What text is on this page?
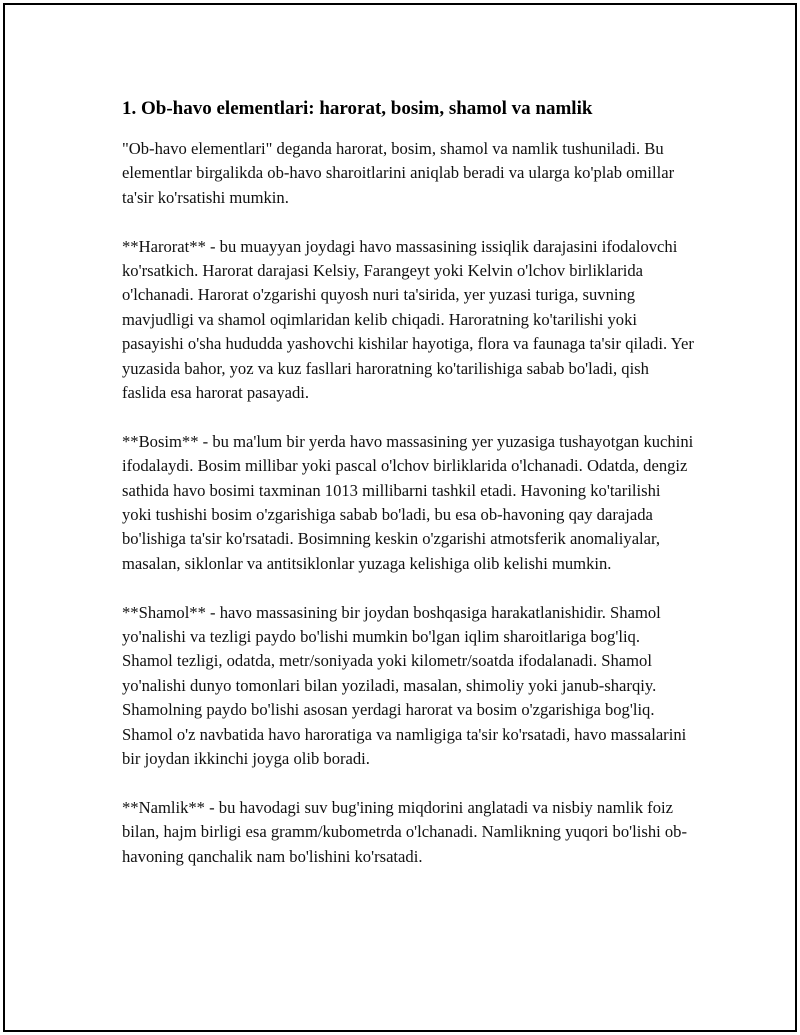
1. Ob-havo elementlari: harorat, bosim, shamol va namlik

"Ob-havo elementlari" deganda harorat, bosim, shamol va namlik tushuniladi. Bu elementlar birgalikda ob-havo sharoitlarini aniqlab beradi va ularga ko'plab omillar ta'sir ko'rsatishi mumkin.

**Harorat** - bu muayyan joydagi havo massasining issiqlik darajasini ifodalovchi ko'rsatkich. Harorat darajasi Kelsiy, Farangeyt yoki Kelvin o'lchov birliklarida o'lchanadi. Harorat o'zgarishi quyosh nuri ta'sirida, yer yuzasi turiga, suvning mavjudligi va shamol oqimlaridan kelib chiqadi. Haroratning ko'tarilishi yoki pasayishi o'sha hududda yashovchi kishilar hayotiga, flora va faunaga ta'sir qiladi. Yer yuzasida bahor, yoz va kuz fasllari haroratning ko'tarilishiga sabab bo'ladi, qish faslida esa harorat pasayadi.

**Bosim** - bu ma'lum bir yerda havo massasining yer yuzasiga tushayotgan kuchini ifodalaydi. Bosim millibar yoki pascal o'lchov birliklarida o'lchanadi. Odatda, dengiz sathida havo bosimi taxminan 1013 millibarni tashkil etadi. Havoning ko'tarilishi yoki tushishi bosim o'zgarishiga sabab bo'ladi, bu esa ob-havoning qay darajada bo'lishiga ta'sir ko'rsatadi. Bosimning keskin o'zgarishi atmotsferik anomaliyalar, masalan, siklonlar va antitsiklonlar yuzaga kelishiga olib kelishi mumkin.

**Shamol** - havo massasining bir joydan boshqasiga harakatlanishidir. Shamol yo'nalishi va tezligi paydo bo'lishi mumkin bo'lgan iqlim sharoitlariga bog'liq. Shamol tezligi, odatda, metr/soniyada yoki kilometr/soatda ifodalanadi. Shamol yo'nalishi dunyo tomonlari bilan yoziladi, masalan, shimoliy yoki janub-sharqiy. Shamolning paydo bo'lishi asosan yerdagi harorat va bosim o'zgarishiga bog'liq. Shamol o'z navbatida havo haroratiga va namligiga ta'sir ko'rsatadi, havo massalarini bir joydan ikkinchi joyga olib boradi.

**Namlik** - bu havodagi suv bug'ining miqdorini anglatadi va nisbiy namlik foiz bilan, hajm birligi esa gramm/kubometrda o'lchanadi. Namlikning yuqori bo'lishi ob-havoning qanchalik nam bo'lishini ko'rsatadi.
